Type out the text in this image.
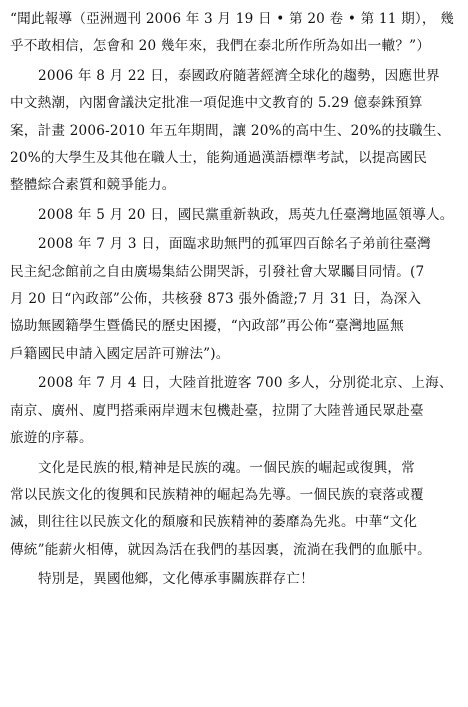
“聞此報導（亞洲週刊 2006 年 3 月 19 日 • 第 20 卷 • 第 11 期）， 幾
乎不敢相信，怎會和 20 幾年來，我們在泰北所作所為如出一轍？”）
2006 年 8 月 22 日，泰國政府隨著經濟全球化的趨勢，因應世界
中文熱潮，內閣會議決定批准一項促進中文教育的 5.29 億泰銖預算
案，計畫 2006-2010 年五年期間，讓 20%的高中生、20%的技職生、
20%的大學生及其他在職人士，能夠通過漢語標準考試，以提高國民
整體綜合素質和競爭能力。
2008 年 5 月 20 日，國民黨重新執政，馬英九任臺灣地區領導人。
2008 年 7 月 3 日，面臨求助無門的孤軍四百餘名子弟前往臺灣
民主紀念館前之自由廣場集結公開哭訴，引發社會大眾矚目同情。(7
月 20 日“內政部”公佈，共核發 873 張外僑證;7 月 31 日，為深入
協助無國籍學生暨僑民的歷史困擾，“內政部”再公佈“臺灣地區無
戶籍國民申請入國定居許可辦法”)。
2008 年 7 月 4 日，大陸首批遊客 700 多人，分別從北京、上海、
南京、廣州、廈門搭乘兩岸週末包機赴臺，拉開了大陸普通民眾赴臺
旅遊的序幕。
文化是民族的根,精神是民族的魂。一個民族的崛起或復興，常
常以民族文化的復興和民族精神的崛起為先導。一個民族的衰落或覆
滅，則往往以民族文化的頹廢和民族精神的萎靡為先兆。中華“文化
傳統”能薪火相傳，就因為活在我們的基因裏，流淌在我們的血脈中。
特別是，異國他鄉，文化傳承事關族群存亡！
